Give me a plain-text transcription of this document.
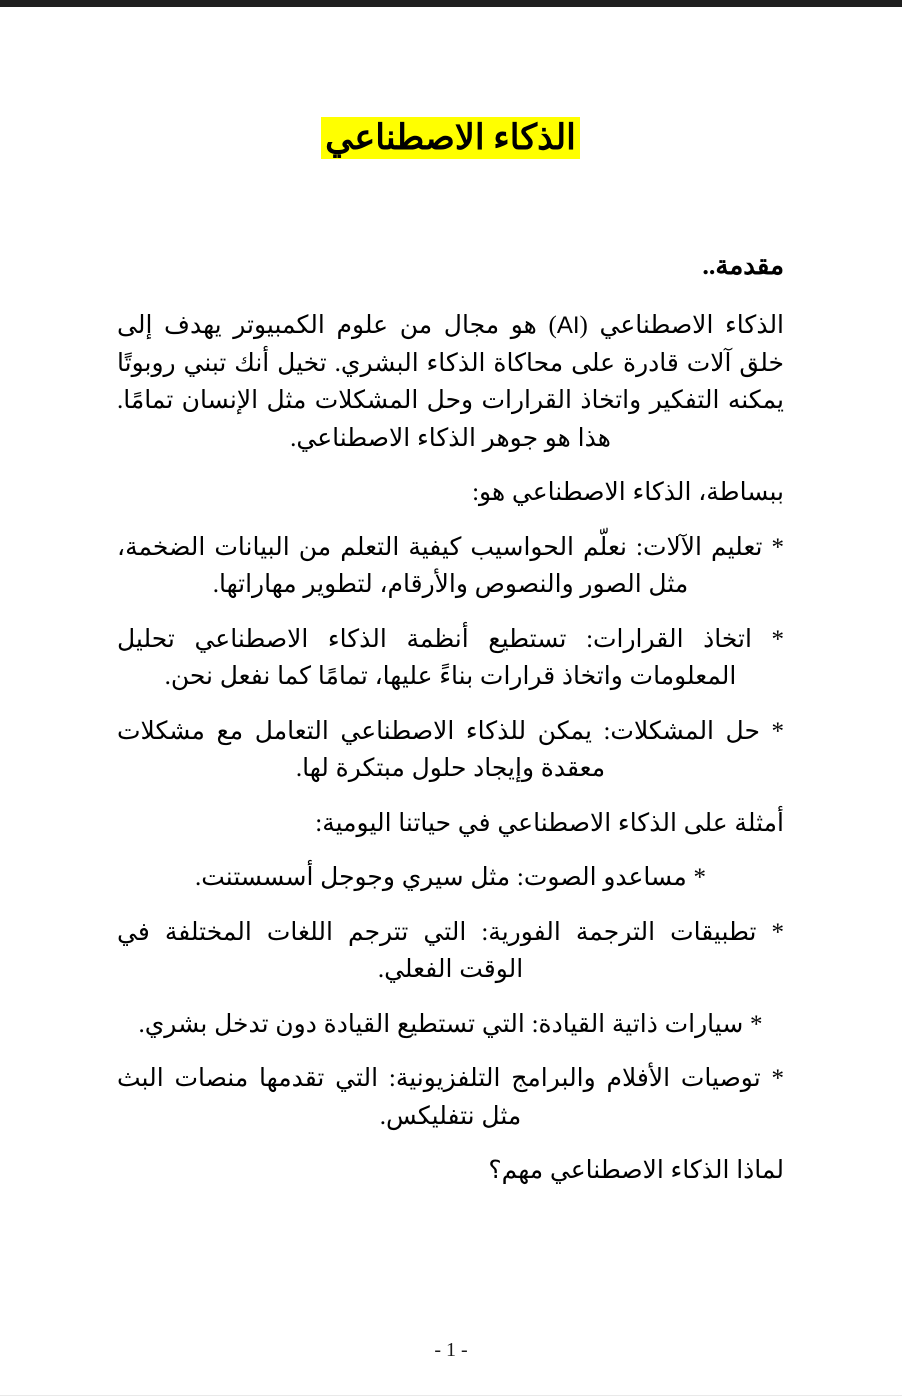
الذكاء الاصطناعي
مقدمة..

الذكاء الاصطناعي (AI) هو مجال من علوم الكمبيوتر يهدف إلى خلق آلات قادرة على محاكاة الذكاء البشري. تخيل أنك تبني روبوتًا يمكنه التفكير واتخاذ القرارات وحل المشكلات مثل الإنسان تمامًا. هذا هو جوهر الذكاء الاصطناعي.

ببساطة، الذكاء الاصطناعي هو:

* تعليم الآلات: نعلّم الحواسيب كيفية التعلم من البيانات الضخمة، مثل الصور والنصوص والأرقام، لتطوير مهاراتها.

* اتخاذ القرارات: تستطيع أنظمة الذكاء الاصطناعي تحليل المعلومات واتخاذ قرارات بناءً عليها، تمامًا كما نفعل نحن.

* حل المشكلات: يمكن للذكاء الاصطناعي التعامل مع مشكلات معقدة وإيجاد حلول مبتكرة لها.

أمثلة على الذكاء الاصطناعي في حياتنا اليومية:

* مساعدو الصوت: مثل سيري وجوجل أسسستنت.

* تطبيقات الترجمة الفورية: التي تترجم اللغات المختلفة في الوقت الفعلي.

* سيارات ذاتية القيادة: التي تستطيع القيادة دون تدخل بشري.

* توصيات الأفلام والبرامج التلفزيونية: التي تقدمها منصات البث مثل نتفليكس.

لماذا الذكاء الاصطناعي مهم؟

- 1 -
